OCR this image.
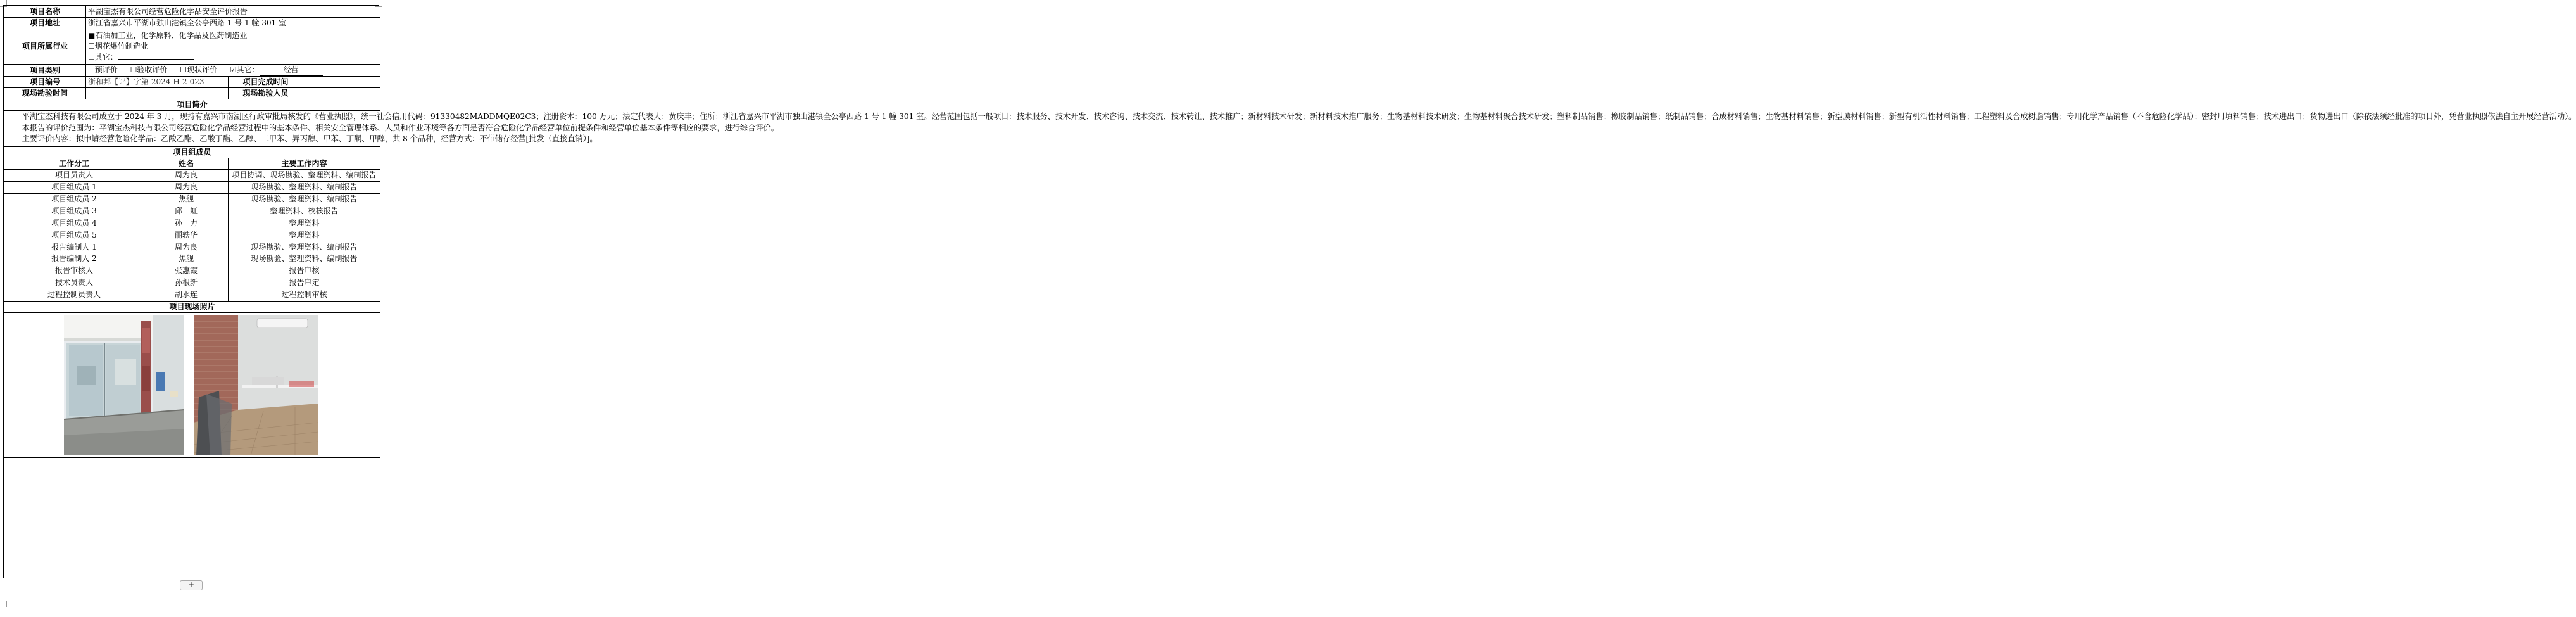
项目名称	平湖宝杰有限公司经营危险化学品安全评价报告			
项目地址	浙江省嘉兴市平湖市独山港镇全公亭西路 1 号 1 幢 301 室			
项目所属行业	■石油加工业，化学原料、化学品及医药制造业
☐烟花爆竹制造业
☐其它：			

项目类别	☐预评价 ☐验收评价 ☐现状评价 ☑其它： 经营			
项目编号	浙和邦【评】字第 2024-H-2-023		项目完成时间	
现场勘验时间			现场勘验人员	
项目简介				

平湖宝杰科技有限公司成立于 2024 年 3 月，现持有嘉兴市南湖区行政审批局核发的《营业执照》，统一社会信用代码：91330482MADDMQE02C3；注册资本：100 万元；法定代表人：黄庆丰；住所：浙江省嘉兴市平湖市独山港镇全公亭西路 1 号 1 幢 301 室。经营范围包括一般项目：技术服务、技术开发、技术咨询、技术交流、技术转让、技术推广；新材料技术研发；新材料技术推广服务；生物基材料技术研发；生物基材料聚合技术研发；塑料制品销售；橡胶制品销售；纸制品销售；合成材料销售；生物基材料销售；新型膜材料销售；新型有机活性材料销售；工程塑料及合成树脂销售；专用化学产品销售（不含危险化学品）；密封用填料销售；技术进出口；货物进出口（除依法须经批准的项目外，凭营业执照依法自主开展经营活动）。

本报告的评价范围为：平湖宝杰科技有限公司经营危险化学品经营过程中的基本条件、相关安全管理体系、人员和作业环境等各方面是否符合危险化学品经营单位前提条件和经营单位基本条件等相应的要求，进行综合评价。

主要评价内容：拟申请经营危险化学品：乙酸乙酯、乙酸丁酯、乙醇、二甲苯、异丙醇、甲苯、丁酮、甲醇，共 8 个品种，经营方式：不带储存经营[批发（直接直销）]。				

项目组成员				
工作分工		姓名	主要工作内容	
项目员责人		周为良	项目协调、现场勘验、整理资料、编制报告	
项目组成员 1		周为良	现场勘验、整理资料、编制报告	
项目组成员 2		焦舰	现场勘验、整理资料、编制报告	
项目组成员 3		邱　虹	整理资料、校核报告	
项目组成员 4		孙　力	整理资料	
项目组成员 5		丽轶华	整理资料	
报告编制人 1		周为良	现场勘验、整理资料、编制报告	
报告编制人 2		焦舰	现场勘验、整理资料、编制报告	
报告审核人		张惠霞	报告审核	
技术员责人		孙根新	报告审定	
过程控制员责人		胡水连	过程控制审核	
项目现场照片				

+
